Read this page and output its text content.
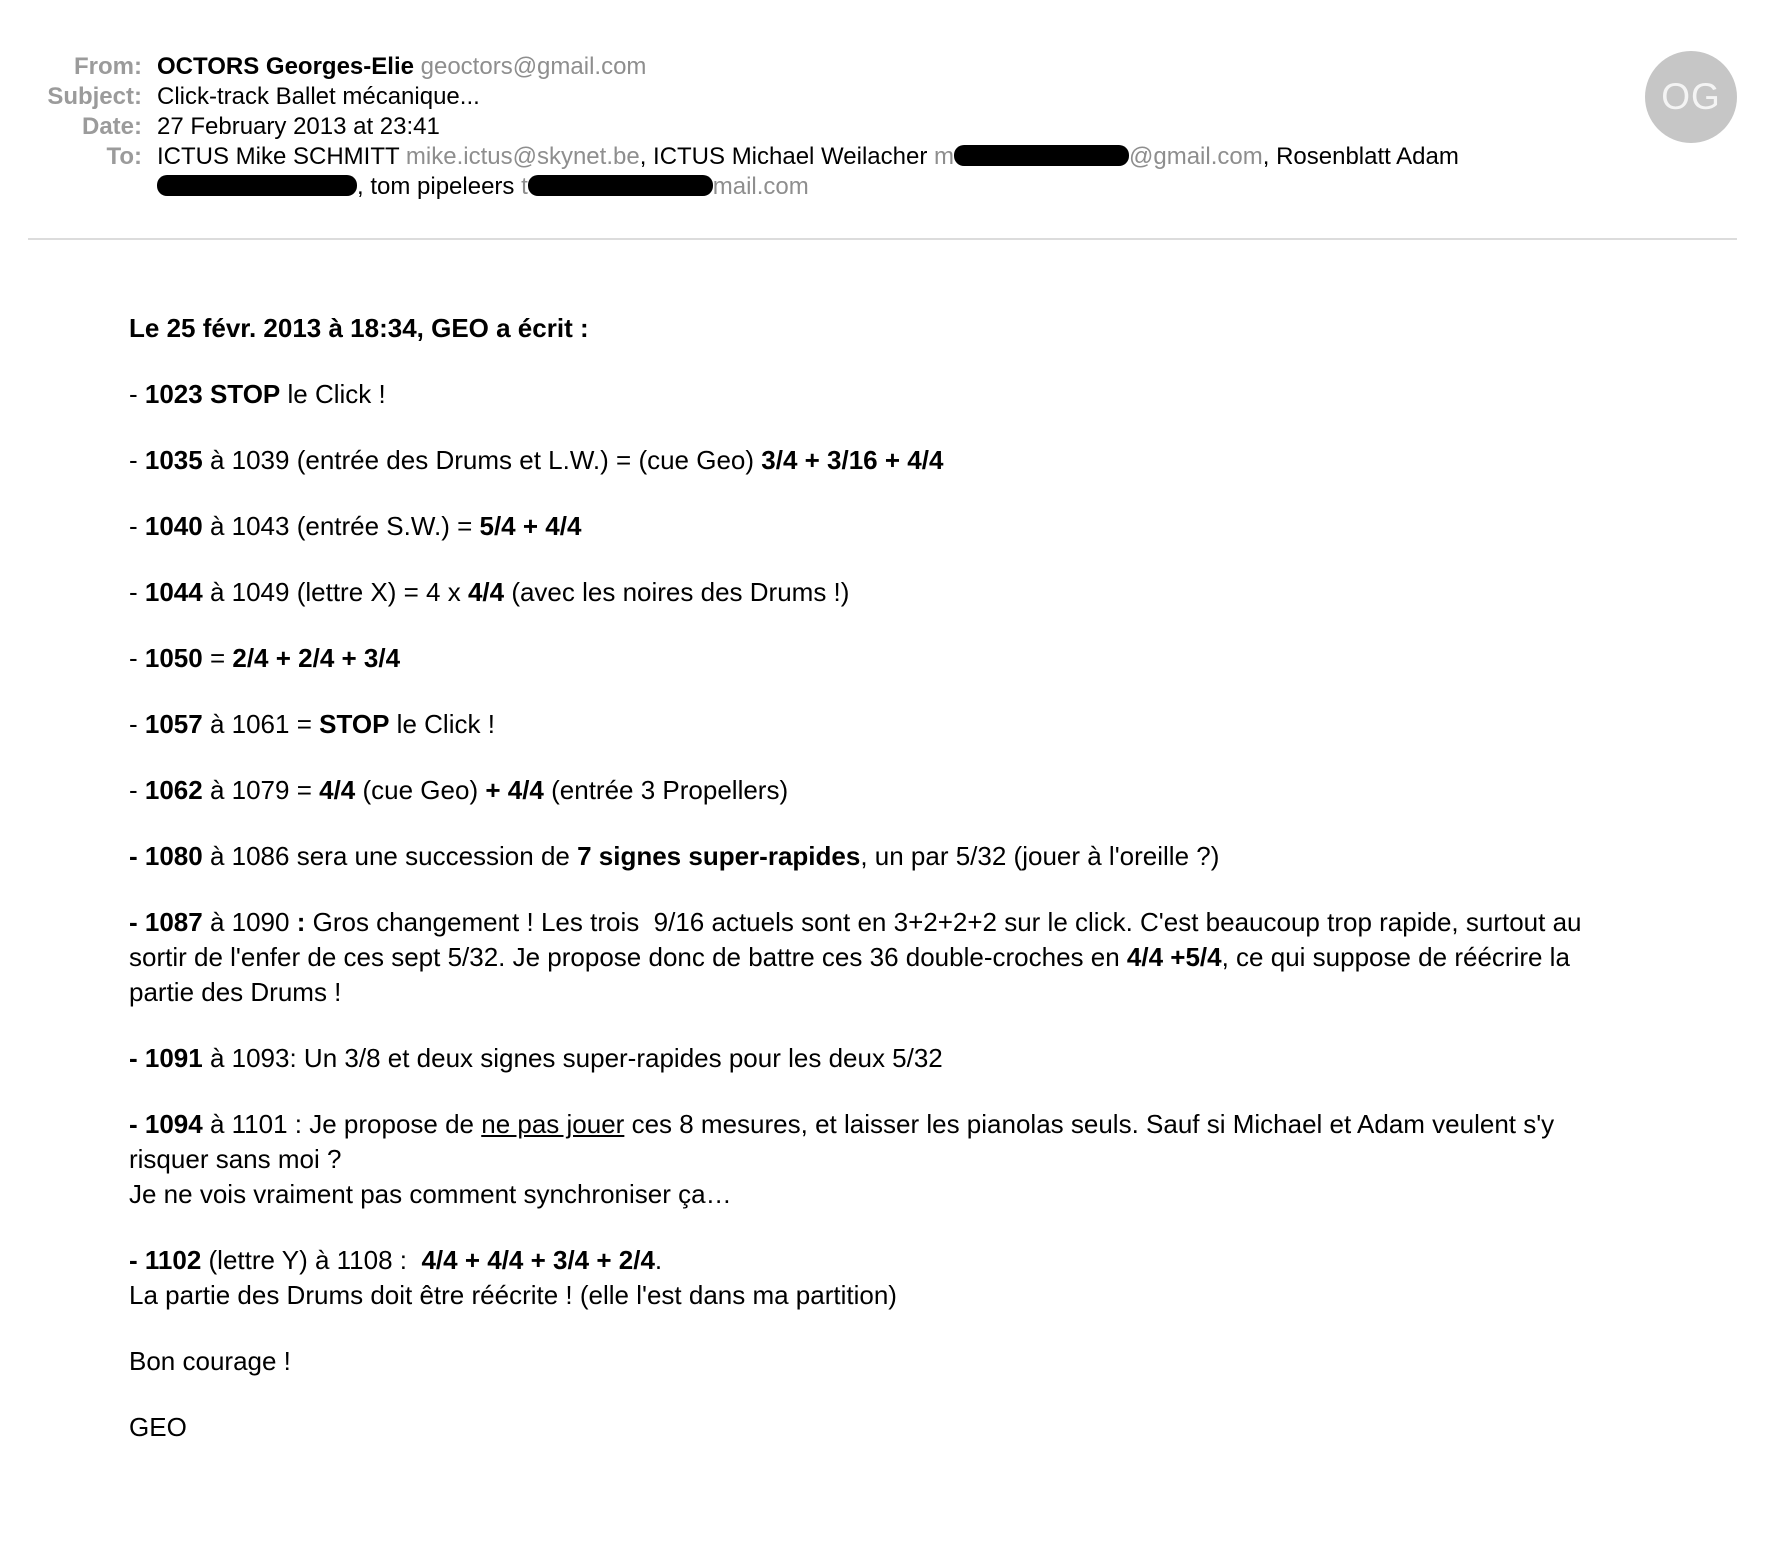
From: OCTORS Georges-Elie geoctors@gmail.com
Subject: Click-track Ballet mécanique...
Date: 27 February 2013 at 23:41
To: ICTUS Mike SCHMITT mike.ictus@skynet.be, ICTUS Michael Weilacher m	@gmail.com, Rosenblatt Adam
, tom pipeleers t	mail.com
OG

Le 25 févr. 2013 à 18:34, GEO a écrit :

- 1023 STOP le Click !

- 1035 à 1039 (entrée des Drums et L.W.) = (cue Geo) 3/4 + 3/16 + 4/4

- 1040 à 1043 (entrée S.W.) = 5/4 + 4/4

- 1044 à 1049 (lettre X) = 4 x 4/4 (avec les noires des Drums !)

- 1050 = 2/4 + 2/4 + 3/4

- 1057 à 1061 = STOP le Click !

- 1062 à 1079 = 4/4 (cue Geo) + 4/4 (entrée 3 Propellers)

- 1080 à 1086 sera une succession de 7 signes super-rapides, un par 5/32 (jouer à l'oreille ?)

- 1087 à 1090 : Gros changement ! Les trois  9/16 actuels sont en 3+2+2+2 sur le click. C'est beaucoup trop rapide, surtout au
sortir de l'enfer de ces sept 5/32. Je propose donc de battre ces 36 double-croches en 4/4 +5/4, ce qui suppose de réécrire la
partie des Drums !

- 1091 à 1093: Un 3/8 et deux signes super-rapides pour les deux 5/32

- 1094 à 1101 : Je propose de ne pas jouer ces 8 mesures, et laisser les pianolas seuls. Sauf si Michael et Adam veulent s'y
risquer sans moi ?
Je ne vois vraiment pas comment synchroniser ça…

- 1102 (lettre Y) à 1108 :  4/4 + 4/4 + 3/4 + 2/4.
La partie des Drums doit être réécrite ! (elle l'est dans ma partition)

Bon courage !

GEO
